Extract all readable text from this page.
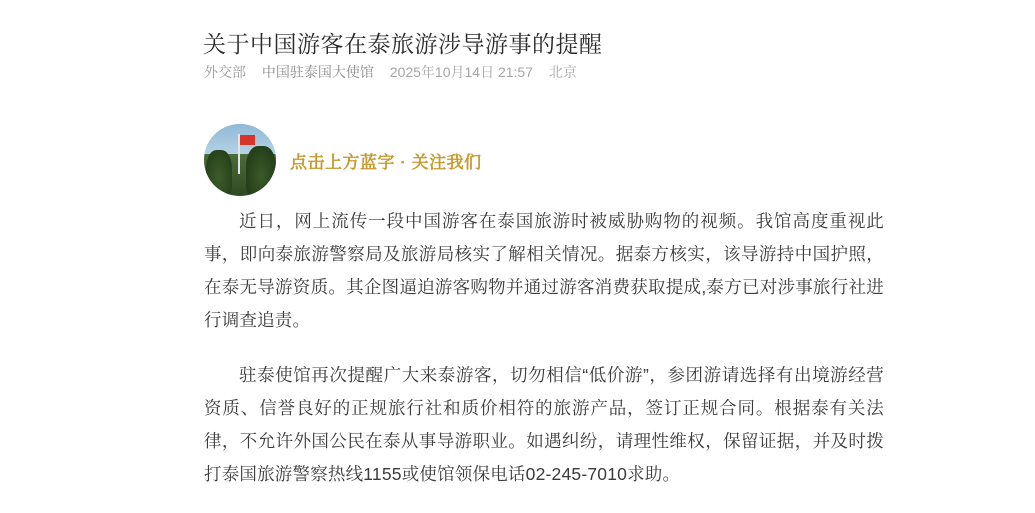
关于中国游客在泰旅游涉导游事的提醒
外交部 中国驻泰国大使馆 2025年10月14日 21:57 北京
点击上方蓝字 · 关注我们

近日，网上流传一段中国游客在泰国旅游时被威胁购物的视频。我馆高度重视此事，即向泰旅游警察局及旅游局核实了解相关情况。据泰方核实，该导游持中国护照，在泰无导游资质。其企图逼迫游客购物并通过游客消费获取提成,泰方已对涉事旅行社进行调查追责。

驻泰使馆再次提醒广大来泰游客，切勿相信“低价游”，参团游请选择有出境游经营资质、信誉良好的正规旅行社和质价相符的旅游产品，签订正规合同。根据泰有关法律，不允许外国公民在泰从事导游职业。如遇纠纷，请理性维权，保留证据，并及时拨打泰国旅游警察热线1155或使馆领保电话02-245-7010求助。
